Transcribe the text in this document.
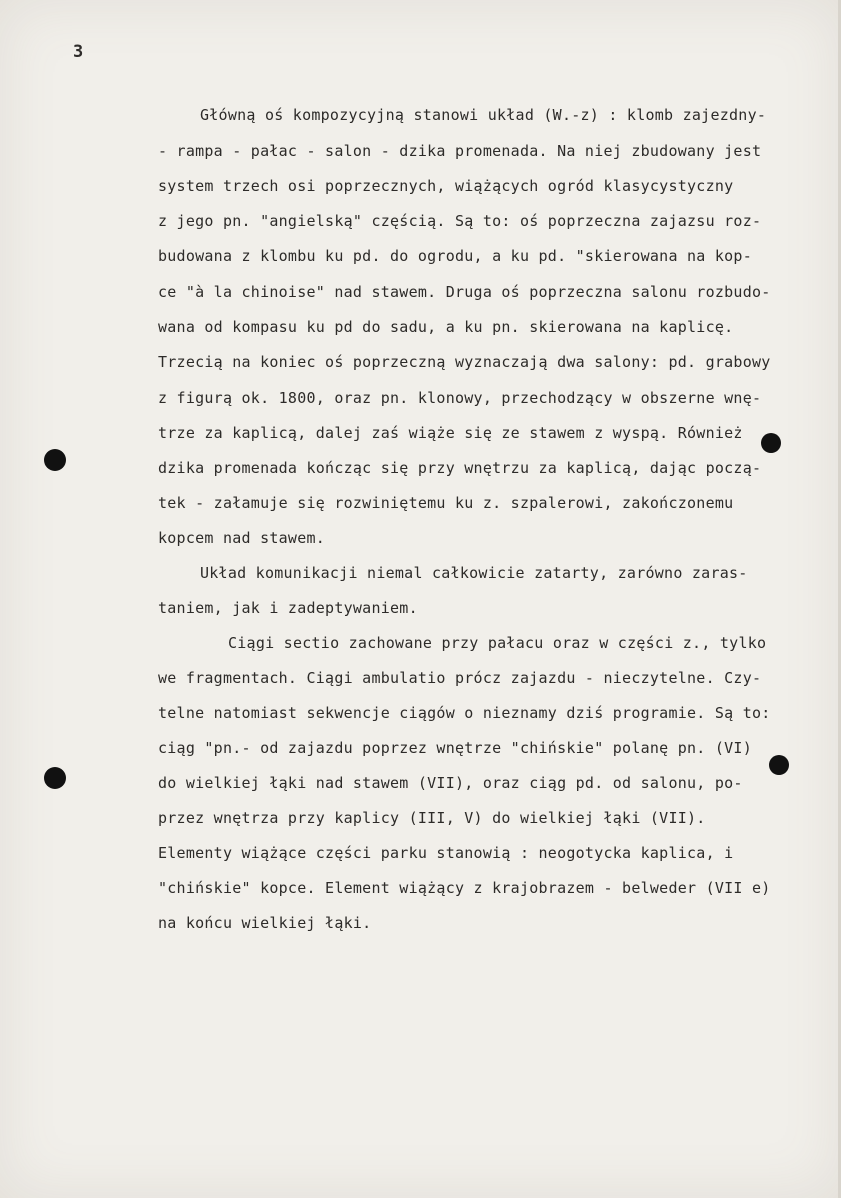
3
Główną oś kompozycyjną stanowi układ (W.-z) : klomb zajezdny-
- rampa - pałac - salon - dzika promenada. Na niej zbudowany jest
system trzech osi poprzecznych, wiążących ogród klasycystyczny
z jego pn. "angielską" częścią. Są to: oś poprzeczna zajazsu roz-
budowana z klombu ku pd. do ogrodu, a ku pd. "skierowana na kop-
ce "à la chinoise" nad stawem. Druga oś poprzeczna salonu rozbudo-
wana od kompasu ku pd do sadu, a ku pn. skierowana na kaplicę.
Trzecią na koniec oś poprzeczną wyznaczają dwa salony: pd. grabowy
z figurą ok. 1800, oraz pn. klonowy, przechodzący w obszerne wnę-
trze za kaplicą, dalej zaś wiąże się ze stawem z wyspą. Również
dzika promenada kończąc się przy wnętrzu za kaplicą, dając począ-
tek - załamuje się rozwiniętemu ku z. szpalerowi, zakończonemu
kopcem nad stawem.
Układ komunikacji niemal całkowicie zatarty, zarówno zaras-
taniem, jak i zadeptywaniem.
Ciągi sectio zachowane przy pałacu oraz w części z., tylko
we fragmentach. Ciągi ambulatio prócz zajazdu - nieczytelne. Czy-
telne natomiast sekwencje ciągów o nieznamy dziś programie. Są to:
ciąg "pn.- od zajazdu poprzez wnętrze "chińskie" polanę pn. (VI)
do wielkiej łąki nad stawem (VII), oraz ciąg pd. od salonu, po-
przez wnętrza przy kaplicy (III, V) do wielkiej łąki (VII).
Elementy wiążące części parku stanowią : neogotycka kaplica, i
"chińskie" kopce. Element wiążący z krajobrazem - belweder (VII e)
na końcu wielkiej łąki.
